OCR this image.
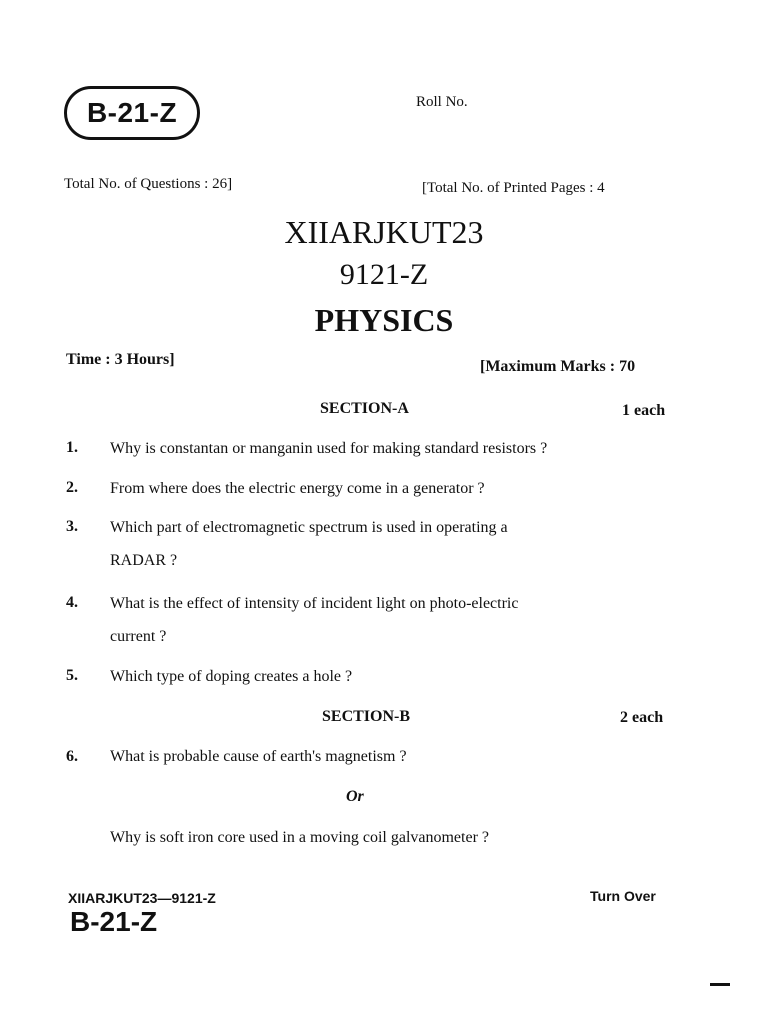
B-21-Z	Roll No.
Total No. of Questions : 26]	[Total No. of Printed Pages : 4
XIIARJKUT23
9121-Z
PHYSICS
Time : 3 Hours]	[Maximum Marks : 70
SECTION-A	1 each
1. Why is constantan or manganin used for making standard resistors ?
2. From where does the electric energy come in a generator ?
3. Which part of electromagnetic spectrum is used in operating a
RADAR ?
4. What is the effect of intensity of incident light on photo-electric
current ?
5. Which type of doping creates a hole ?
SECTION-B	2 each
6. What is probable cause of earth's magnetism ?
Or
Why is soft iron core used in a moving coil galvanometer ?
XIIARJKUT23—9121-Z	Turn Over
B-21-Z
